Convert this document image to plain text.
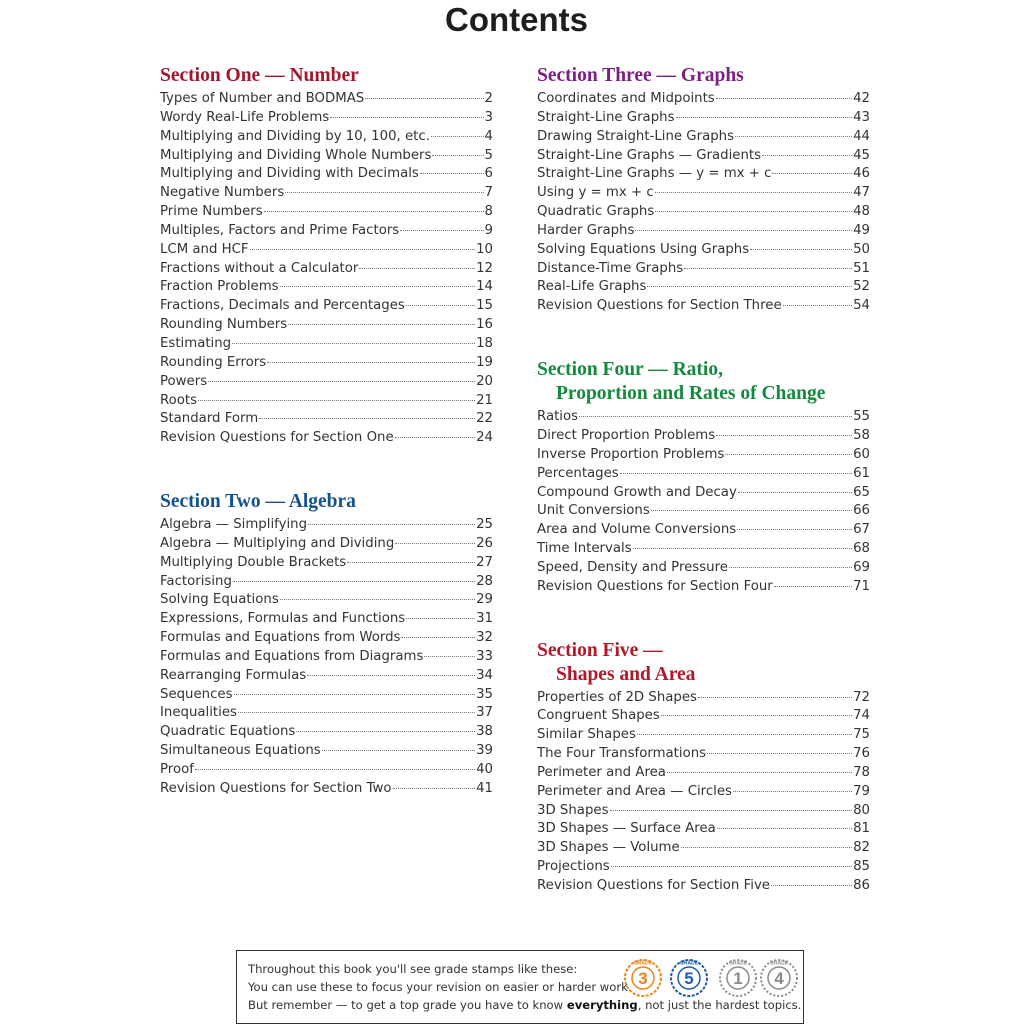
Contents
Section One — Number
Types of Number and BODMAS	2
Wordy Real-Life Problems	3
Multiplying and Dividing by 10, 100, etc.	4
Multiplying and Dividing Whole Numbers	5
Multiplying and Dividing with Decimals	6
Negative Numbers	7
Prime Numbers	8
Multiples, Factors and Prime Factors	9
LCM and HCF	10
Fractions without a Calculator	12
Fraction Problems	14
Fractions, Decimals and Percentages	15
Rounding Numbers	16
Estimating	18
Rounding Errors	19
Powers	20
Roots	21
Standard Form	22
Revision Questions for Section One	24
Section Two — Algebra
Algebra — Simplifying	25
Algebra — Multiplying and Dividing	26
Multiplying Double Brackets	27
Factorising	28
Solving Equations	29
Expressions, Formulas and Functions	31
Formulas and Equations from Words	32
Formulas and Equations from Diagrams	33
Rearranging Formulas	34
Sequences	35
Inequalities	37
Quadratic Equations	38
Simultaneous Equations	39
Proof	40
Revision Questions for Section Two	41
Section Three — Graphs
Coordinates and Midpoints	42
Straight-Line Graphs	43
Drawing Straight-Line Graphs	44
Straight-Line Graphs — Gradients	45
Straight-Line Graphs — y = mx + c	46
Using y = mx + c	47
Quadratic Graphs	48
Harder Graphs	49
Solving Equations Using Graphs	50
Distance-Time Graphs	51
Real-Life Graphs	52
Revision Questions for Section Three	54
Section Four — Ratio,
Proportion and Rates of Change
Ratios	55
Direct Proportion Problems	58
Inverse Proportion Problems	60
Percentages	61
Compound Growth and Decay	65
Unit Conversions	66
Area and Volume Conversions	67
Time Intervals	68
Speed, Density and Pressure	69
Revision Questions for Section Four	71
Section Five —
Shapes and Area
Properties of 2D Shapes	72
Congruent Shapes	74
Similar Shapes	75
The Four Transformations	76
Perimeter and Area	78
Perimeter and Area — Circles	79
3D Shapes	80
3D Shapes — Surface Area	81
3D Shapes — Volume	82
Projections	85
Revision Questions for Section Five	86
Throughout this book you'll see grade stamps like these:
You can use these to focus your revision on easier or harder work.
But remember — to get a top grade you have to know everything, not just the hardest topics.
3
GRADE
5
GRADE
1
GRADE
4
GRADE
